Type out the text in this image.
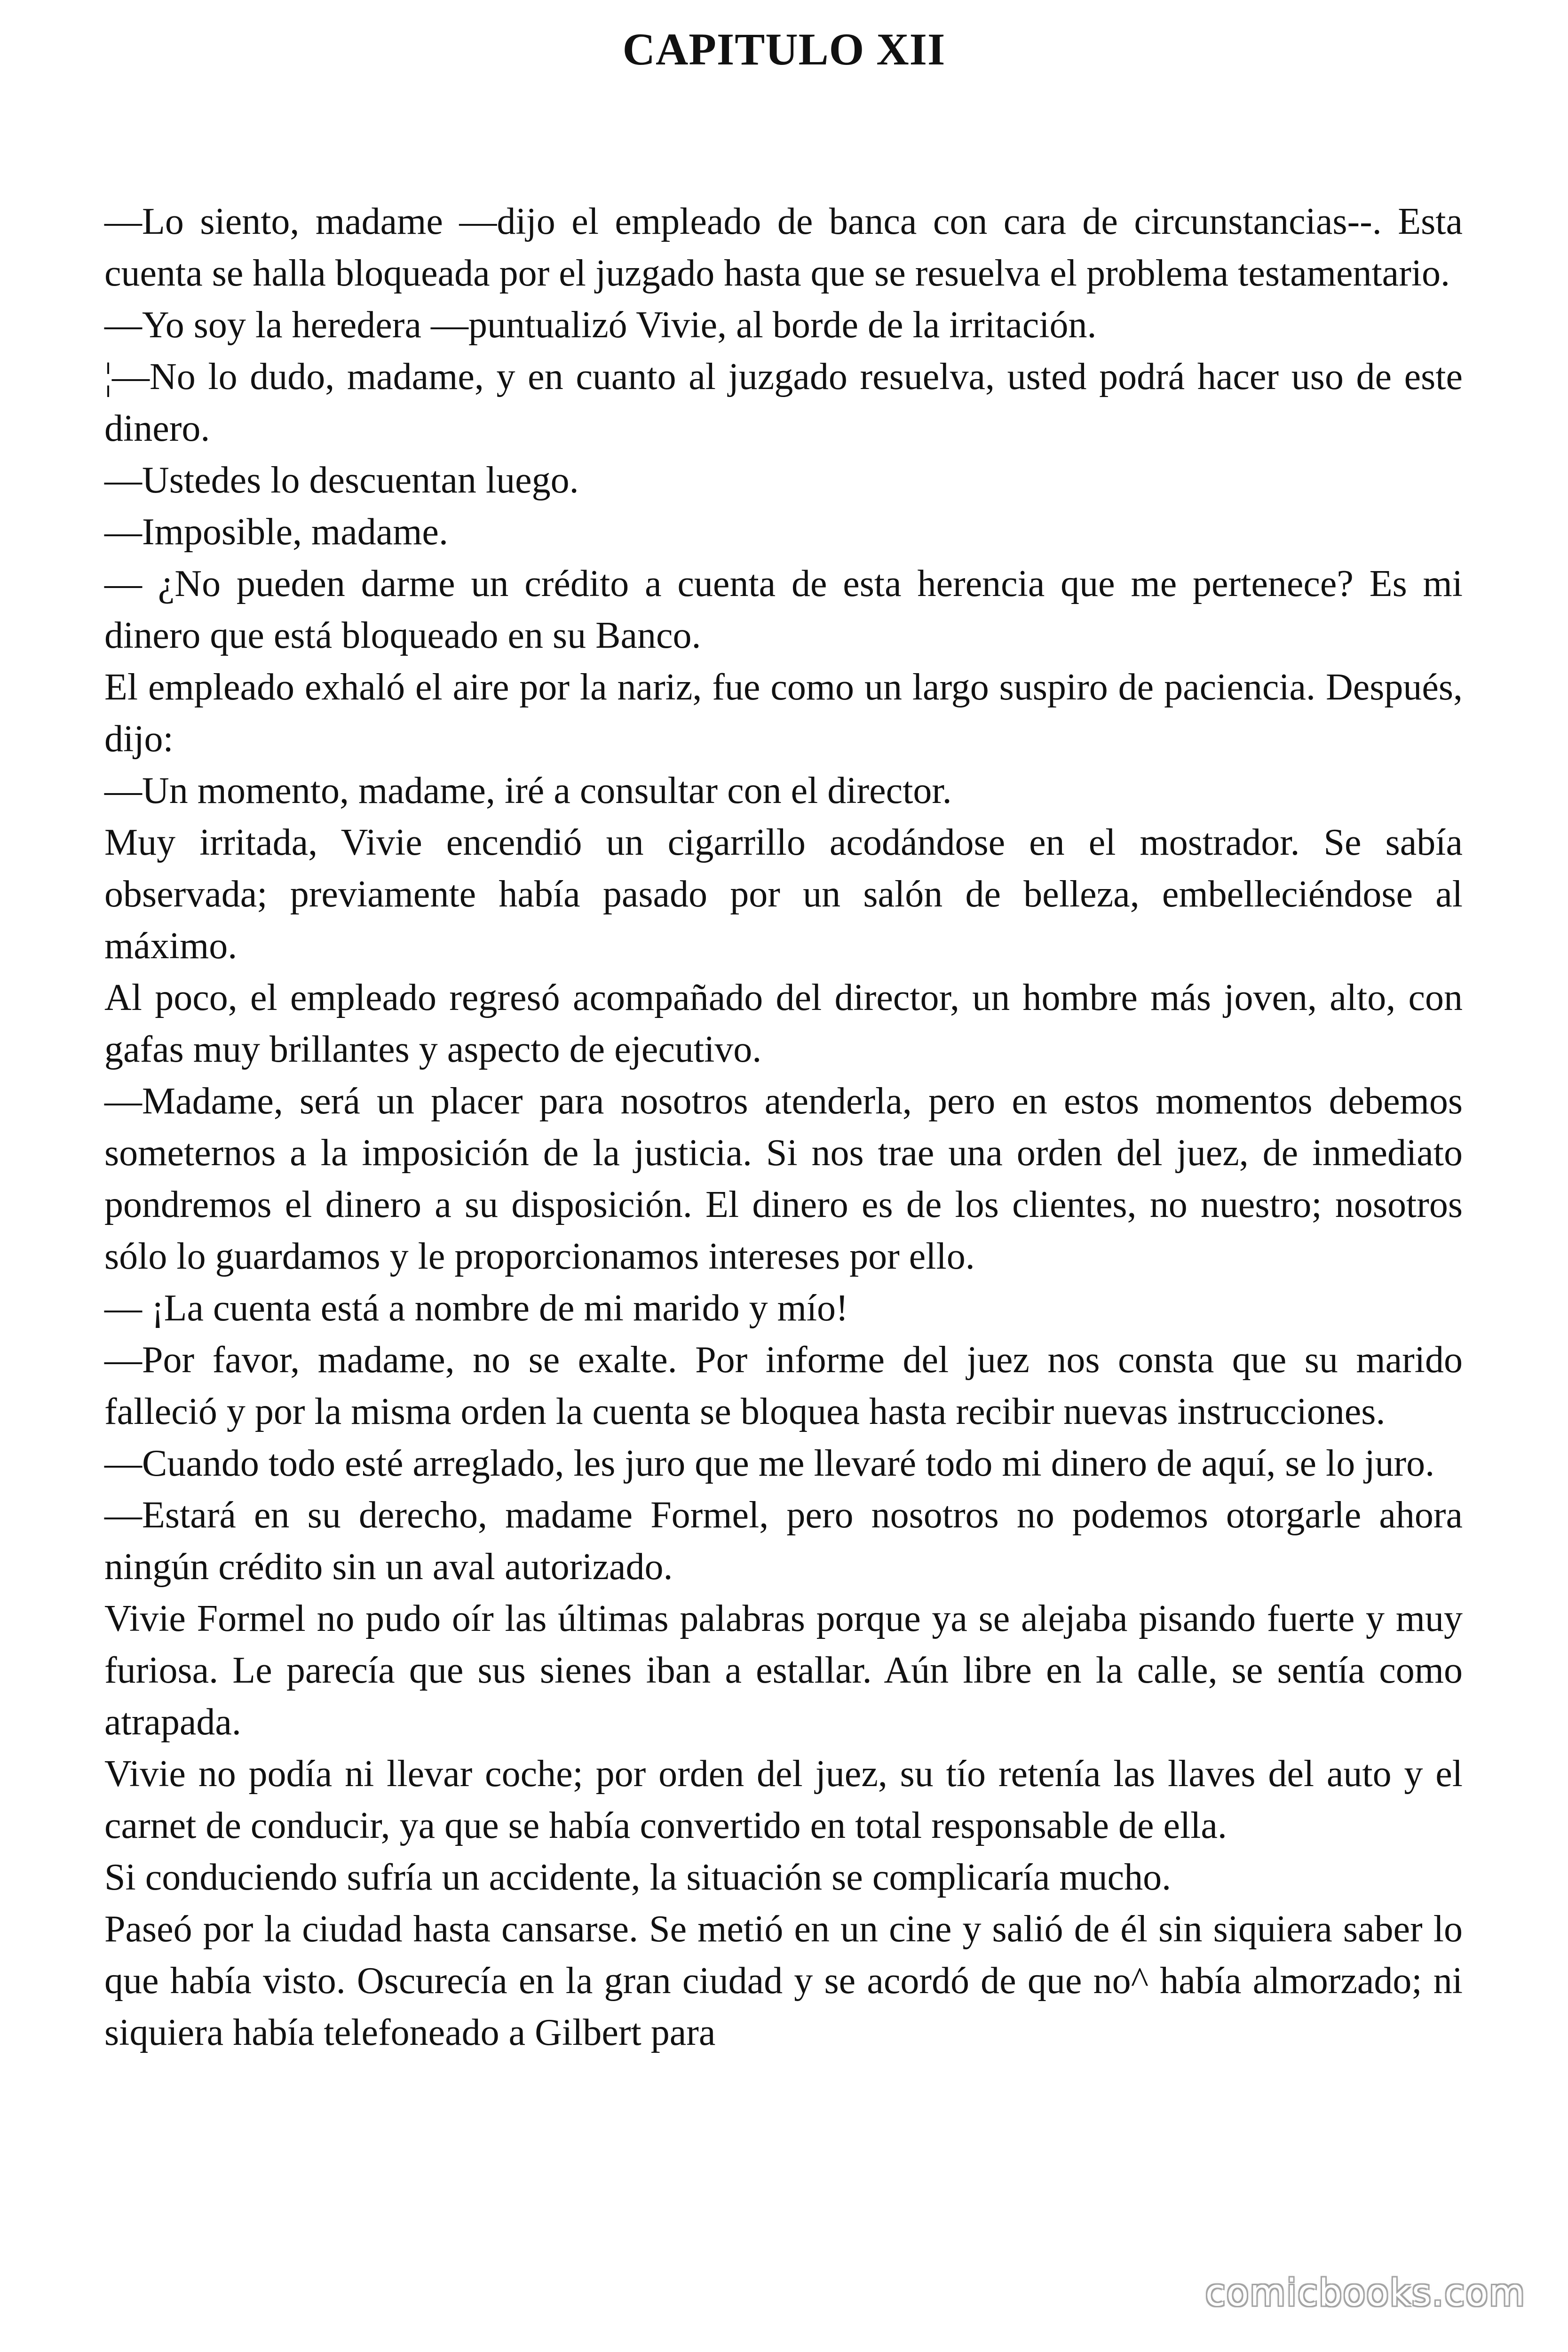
CAPITULO XII

—Lo siento, madame —dijo el empleado de banca con cara de circunstancias--. Esta cuenta se halla bloqueada por el juzgado hasta que se resuelva el problema testamentario.

—Yo soy la heredera —puntualizó Vivie, al borde de la irritación.

¦—No lo dudo, madame, y en cuanto al juzgado resuelva, usted podrá hacer uso de este dinero.

—Ustedes lo descuentan luego.

—Imposible, madame.

— ¿No pueden darme un crédito a cuenta de esta herencia que me pertenece? Es mi dinero que está bloqueado en su Banco.

El empleado exhaló el aire por la nariz, fue como un largo suspiro de paciencia. Después, dijo:

—Un momento, madame, iré a consultar con el director.

Muy irritada, Vivie encendió un cigarrillo acodándose en el mostrador. Se sabía observada; previamente había pasado por un salón de belleza, embelleciéndose al máximo.

Al poco, el empleado regresó acompañado del director, un hombre más joven, alto, con gafas muy brillantes y aspecto de ejecutivo.

—Madame, será un placer para nosotros atenderla, pero en estos momentos debemos someternos a la imposición de la justicia. Si nos trae una orden del juez, de inmediato pondremos el dinero a su disposición. El dinero es de los clientes, no nuestro; nosotros sólo lo guardamos y le proporcionamos intereses por ello.

— ¡La cuenta está a nombre de mi marido y mío!

—Por favor, madame, no se exalte. Por informe del juez nos consta que su marido falleció y por la misma orden la cuenta se bloquea hasta recibir nuevas instrucciones.

—Cuando todo esté arreglado, les juro que me llevaré todo mi dinero de aquí, se lo juro.

—Estará en su derecho, madame Formel, pero nosotros no podemos otorgarle ahora ningún crédito sin un aval autorizado.

Vivie Formel no pudo oír las últimas palabras porque ya se alejaba pisando fuerte y muy furiosa. Le parecía que sus sienes iban a estallar. Aún libre en la calle, se sentía como atrapada.

Vivie no podía ni llevar coche; por orden del juez, su tío retenía las llaves del auto y el carnet de conducir, ya que se había convertido en total responsable de ella.

Si conduciendo sufría un accidente, la situación se complicaría mucho.

Paseó por la ciudad hasta cansarse. Se metió en un cine y salió de él sin siquiera saber lo que había visto. Oscurecía en la gran ciudad y se acordó de que no^ había almorzado; ni siquiera había telefoneado a Gilbert para

comicbooks.com
